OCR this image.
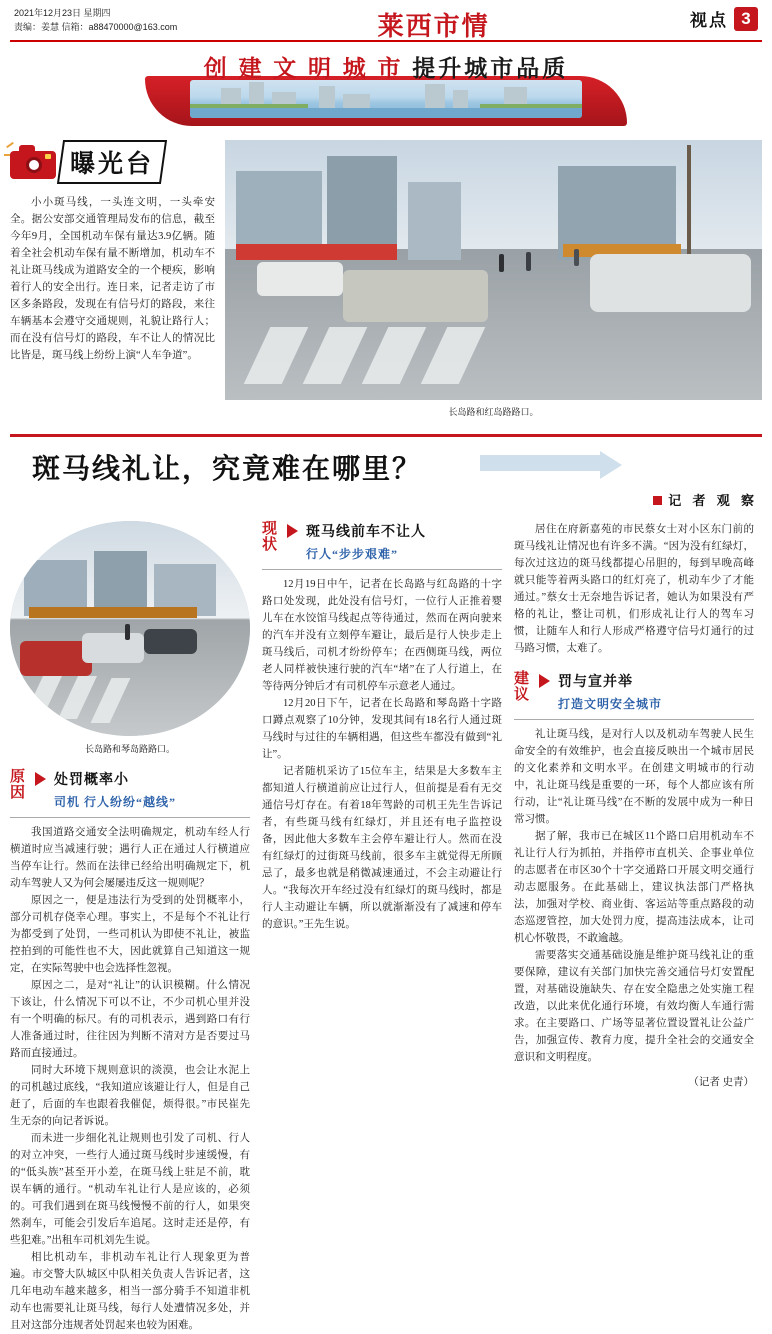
2021年12月23日 星期四
责编：姜慧 信箱：a88470000@163.com	莱西市情	视点 3
创 建 文 明 城 市 提升城市品质
曝光台
小小斑马线，一头连文明，一头牵安全。据公安部交通管理局发布的信息，截至今年9月，全国机动车保有量达3.9亿辆。随着全社会机动车保有量不断增加，机动车不礼让斑马线成为道路安全的一个梗疾，影响着行人的安全出行。连日来，记者走访了市区多条路段，发现在有信号灯的路段，来往车辆基本会遵守交通规则，礼貌让路行人；而在没有信号灯的路段，车不让人的情况比比皆是，斑马线上纷纷上演“人车争道”。
长岛路和红岛路路口。
斑马线礼让，究竟难在哪里？
记 者 观 察
长岛路和琴岛路路口。
原因
处罚概率小
司机 行人纷纷“越线”
我国道路交通安全法明确规定，机动车经人行横道时应当减速行驶；遇行人正在通过人行横道应当停车让行。然而在法律已经给出明确规定下，机动车驾驶人又为何会屡屡违反这一规则呢？
原因之一，便是违法行为受到的处罚概率小，部分司机存侥幸心理。事实上，不是每个不礼让行为都受到了处罚，一些司机认为即使不礼让，被监控拍到的可能性也不大，因此就算自己知道这一规定，在实际驾驶中也会选择性忽视。
原因之二，是对“礼让”的认识模糊。什么情况下该让，什么情况下可以不让，不少司机心里并没有一个明确的标尺。有的司机表示，遇到路口有行人准备通过时，往往因为判断不清对方是否要过马路而直接通过。
同时大环境下规则意识的淡漠，也会让水泥上的司机越过底线，“我知道应该避让行人，但是自己赶了，后面的车也跟着我催促，烦得很。”市民崔先生无奈的向记者诉说。
而未进一步细化礼让规则也引发了司机、行人的对立冲突，一些行人通过斑马线时步速缓慢，有的“低头族”甚至开小差，在斑马线上驻足不前，耽误车辆的通行。“机动车礼让行人是应该的，必须的。可我们遇到在斑马线慢慢不前的行人，如果突然刹车，可能会引发后车追尾。这时走还是停，有些犯难。”出租车司机刘先生说。
相比机动车，非机动车礼让行人现象更为普遍。市交警大队城区中队相关负责人告诉记者，这几年电动车越来越多，相当一部分骑手不知道非机动车也需要礼让斑马线，每行人处遭情况多处，并且对这部分违规者处罚起来也较为困难。
现状
斑马线前车不让人
行人“步步艰难”
12月19日中午，记者在长岛路与红岛路的十字路口处发现，此处没有信号灯，一位行人正推着婴儿车在水饺馆马线起点等待通过，然而在两向驶来的汽车并没有立刻停车避让，最后是行人快步走上斑马线后，司机才纷纷停车；在西侧斑马线，两位老人同样被快速行驶的汽车“堵”在了人行道上，在等待两分钟后才有司机停车示意老人通过。
12月20日下午，记者在长岛路和琴岛路十字路口蹲点观察了10分钟，发现其间有18名行人通过斑马线时与过往的车辆相遇，但这些车都没有做到“礼让”。
记者随机采访了15位车主，结果是大多数车主都知道人行横道前应让过行人，但前提是看有无交通信号灯存在。有着18年驾龄的司机王先生告诉记者，有些斑马线有红绿灯，并且还有电子监控设备，因此他大多数车主会停车避让行人。然而在没有红绿灯的过街斑马线前，很多车主就觉得无所顾忌了，最多也就是稍微减速通过，不会主动避让行人。“我每次开车经过没有红绿灯的斑马线时，都是行人主动避让车辆，所以就渐渐没有了减速和停车的意识。”王先生说。
居住在府新嘉苑的市民蔡女士对小区东门前的斑马线礼让情况也有许多不满。“因为没有红绿灯，每次过这边的斑马线都提心吊胆的，每到早晚高峰就只能等着两头路口的红灯亮了，机动车少了才能通过。”蔡女士无奈地告诉记者，她认为如果没有严格的礼让，整让司机，们形成礼让行人的驾车习惯，让随车人和行人形成严格遵守信号灯通行的过马路习惯，太难了。
建议
罚与宣并举
打造文明安全城市
礼让斑马线，是对行人以及机动车驾驶人民生命安全的有效维护，也会直接反映出一个城市居民的文化素养和文明水平。在创建文明城市的行动中，礼让斑马线是重要的一环，每个人都应该有所行动，让“礼让斑马线”在不断的发展中成为一种日常习惯。
据了解，我市已在城区11个路口启用机动车不礼让行人行为抓拍，并指停市直机关、企事业单位的志愿者在市区30个十字交通路口开展文明交通行动志愿服务。在此基础上，建议执法部门严格执法，加强对学校、商业街、客运站等重点路段的动态巡逻管控，加大处罚力度，提高违法成本，让司机心怀敬畏，不敢逾越。
需要落实交通基础设施是维护斑马线礼让的重要保障，建议有关部门加快完善交通信号灯安置配置，对基础设施缺失、存在安全隐患之处实施工程改造，以此来优化通行环境，有效均衡人车通行需求。在主要路口、广场等显著位置设置礼让公益广告，加强宣传、教育力度，提升全社会的交通安全意识和文明程度。
（记者 史青）
